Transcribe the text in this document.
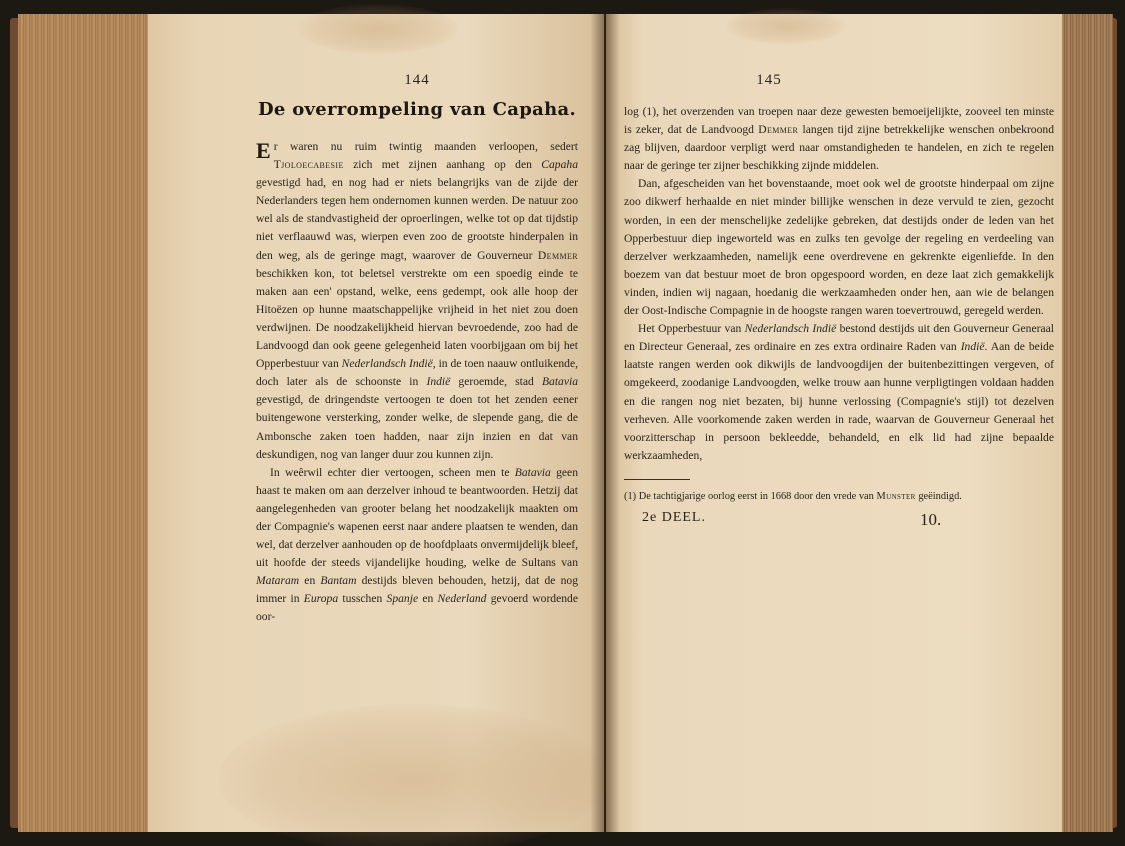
144
De overrompeling van Capaha.

Er waren nu ruim twintig maanden verloopen, sedert Tjoloecabesie zich met zijnen aanhang op den Capaha gevestigd had, en nog had er niets belangrijks van de zijde der Nederlanders tegen hem ondernomen kunnen werden. De natuur zoo wel als de standvastigheid der oproerlingen, welke tot op dat tijdstip niet verflaauwd was, wierpen even zoo de grootste hinderpalen in den weg, als de geringe magt, waarover de Gouverneur Demmer beschikken kon, tot beletsel verstrekte om een spoedig einde te maken aan een' opstand, welke, eens gedempt, ook alle hoop der Hitoëzen op hunne maatschappelijke vrijheid in het niet zou doen verdwijnen. De noodzakelijkheid hiervan bevroedende, zoo had de Landvoogd dan ook geene gelegenheid laten voorbijgaan om bij het Opperbestuur van Nederlandsch Indië, in de toen naauw ontluikende, doch later als de schoonste in Indië geroemde, stad Batavia gevestigd, de dringendste vertoogen te doen tot het zenden eener buitengewone versterking, zonder welke, de slepende gang, die de Ambonsche zaken toen hadden, naar zijn inzien en dat van deskundigen, nog van langer duur zou kunnen zijn.

In weêrwil echter dier vertoogen, scheen men te Batavia geen haast te maken om aan derzelver inhoud te beantwoorden. Hetzij dat aangelegenheden van grooter belang het noodzakelijk maakten om der Compagnie's wapenen eerst naar andere plaatsen te wenden, dan wel, dat derzelver aanhouden op de hoofdplaats onvermijdelijk bleef, uit hoofde der steeds vijandelijke houding, welke de Sultans van Mataram en Bantam destijds bleven behouden, hetzij, dat de nog immer in Europa tusschen Spanje en Nederland gevoerd wordende oor-

145

log (1), het overzenden van troepen naar deze gewesten bemoeijelijkte, zooveel ten minste is zeker, dat de Landvoogd Demmer langen tijd zijne betrekkelijke wenschen onbekroond zag blijven, daardoor verpligt werd naar omstandigheden te handelen, en zich te regelen naar de geringe ter zijner beschikking zijnde middelen.

Dan, afgescheiden van het bovenstaande, moet ook wel de grootste hinderpaal om zijne zoo dikwerf herhaalde en niet minder billijke wenschen in deze vervuld te zien, gezocht worden, in een der menschelijke zedelijke gebreken, dat destijds onder de leden van het Opperbestuur diep ingeworteld was en zulks ten gevolge der regeling en verdeeling van derzelver werkzaamheden, namelijk eene overdrevene en gekrenkte eigenliefde. In den boezem van dat bestuur moet de bron opgespoord worden, en deze laat zich gemakkelijk vinden, indien wij nagaan, hoedanig die werkzaamheden onder hen, aan wie de belangen der Oost-Indische Compagnie in de hoogste rangen waren toevertrouwd, geregeld werden.

Het Opperbestuur van Nederlandsch Indië bestond destijds uit den Gouverneur Generaal en Directeur Generaal, zes ordinaire en zes extra ordinaire Raden van Indië. Aan de beide laatste rangen werden ook dikwijls de landvoogdijen der buitenbezittingen vergeven, of omgekeerd, zoodanige Landvoogden, welke trouw aan hunne verpligtingen voldaan hadden en die rangen nog niet bezaten, bij hunne verlossing (Compagnie's stijl) tot dezelven verheven. Alle voorkomende zaken werden in rade, waarvan de Gouverneur Generaal het voorzitterschap in persoon bekleedde, behandeld, en elk lid had zijne bepaalde werkzaamheden,

(1) De tachtigjarige oorlog eerst in 1668 door den vrede van Munster geëindigd.
2e DEEL.	10.
